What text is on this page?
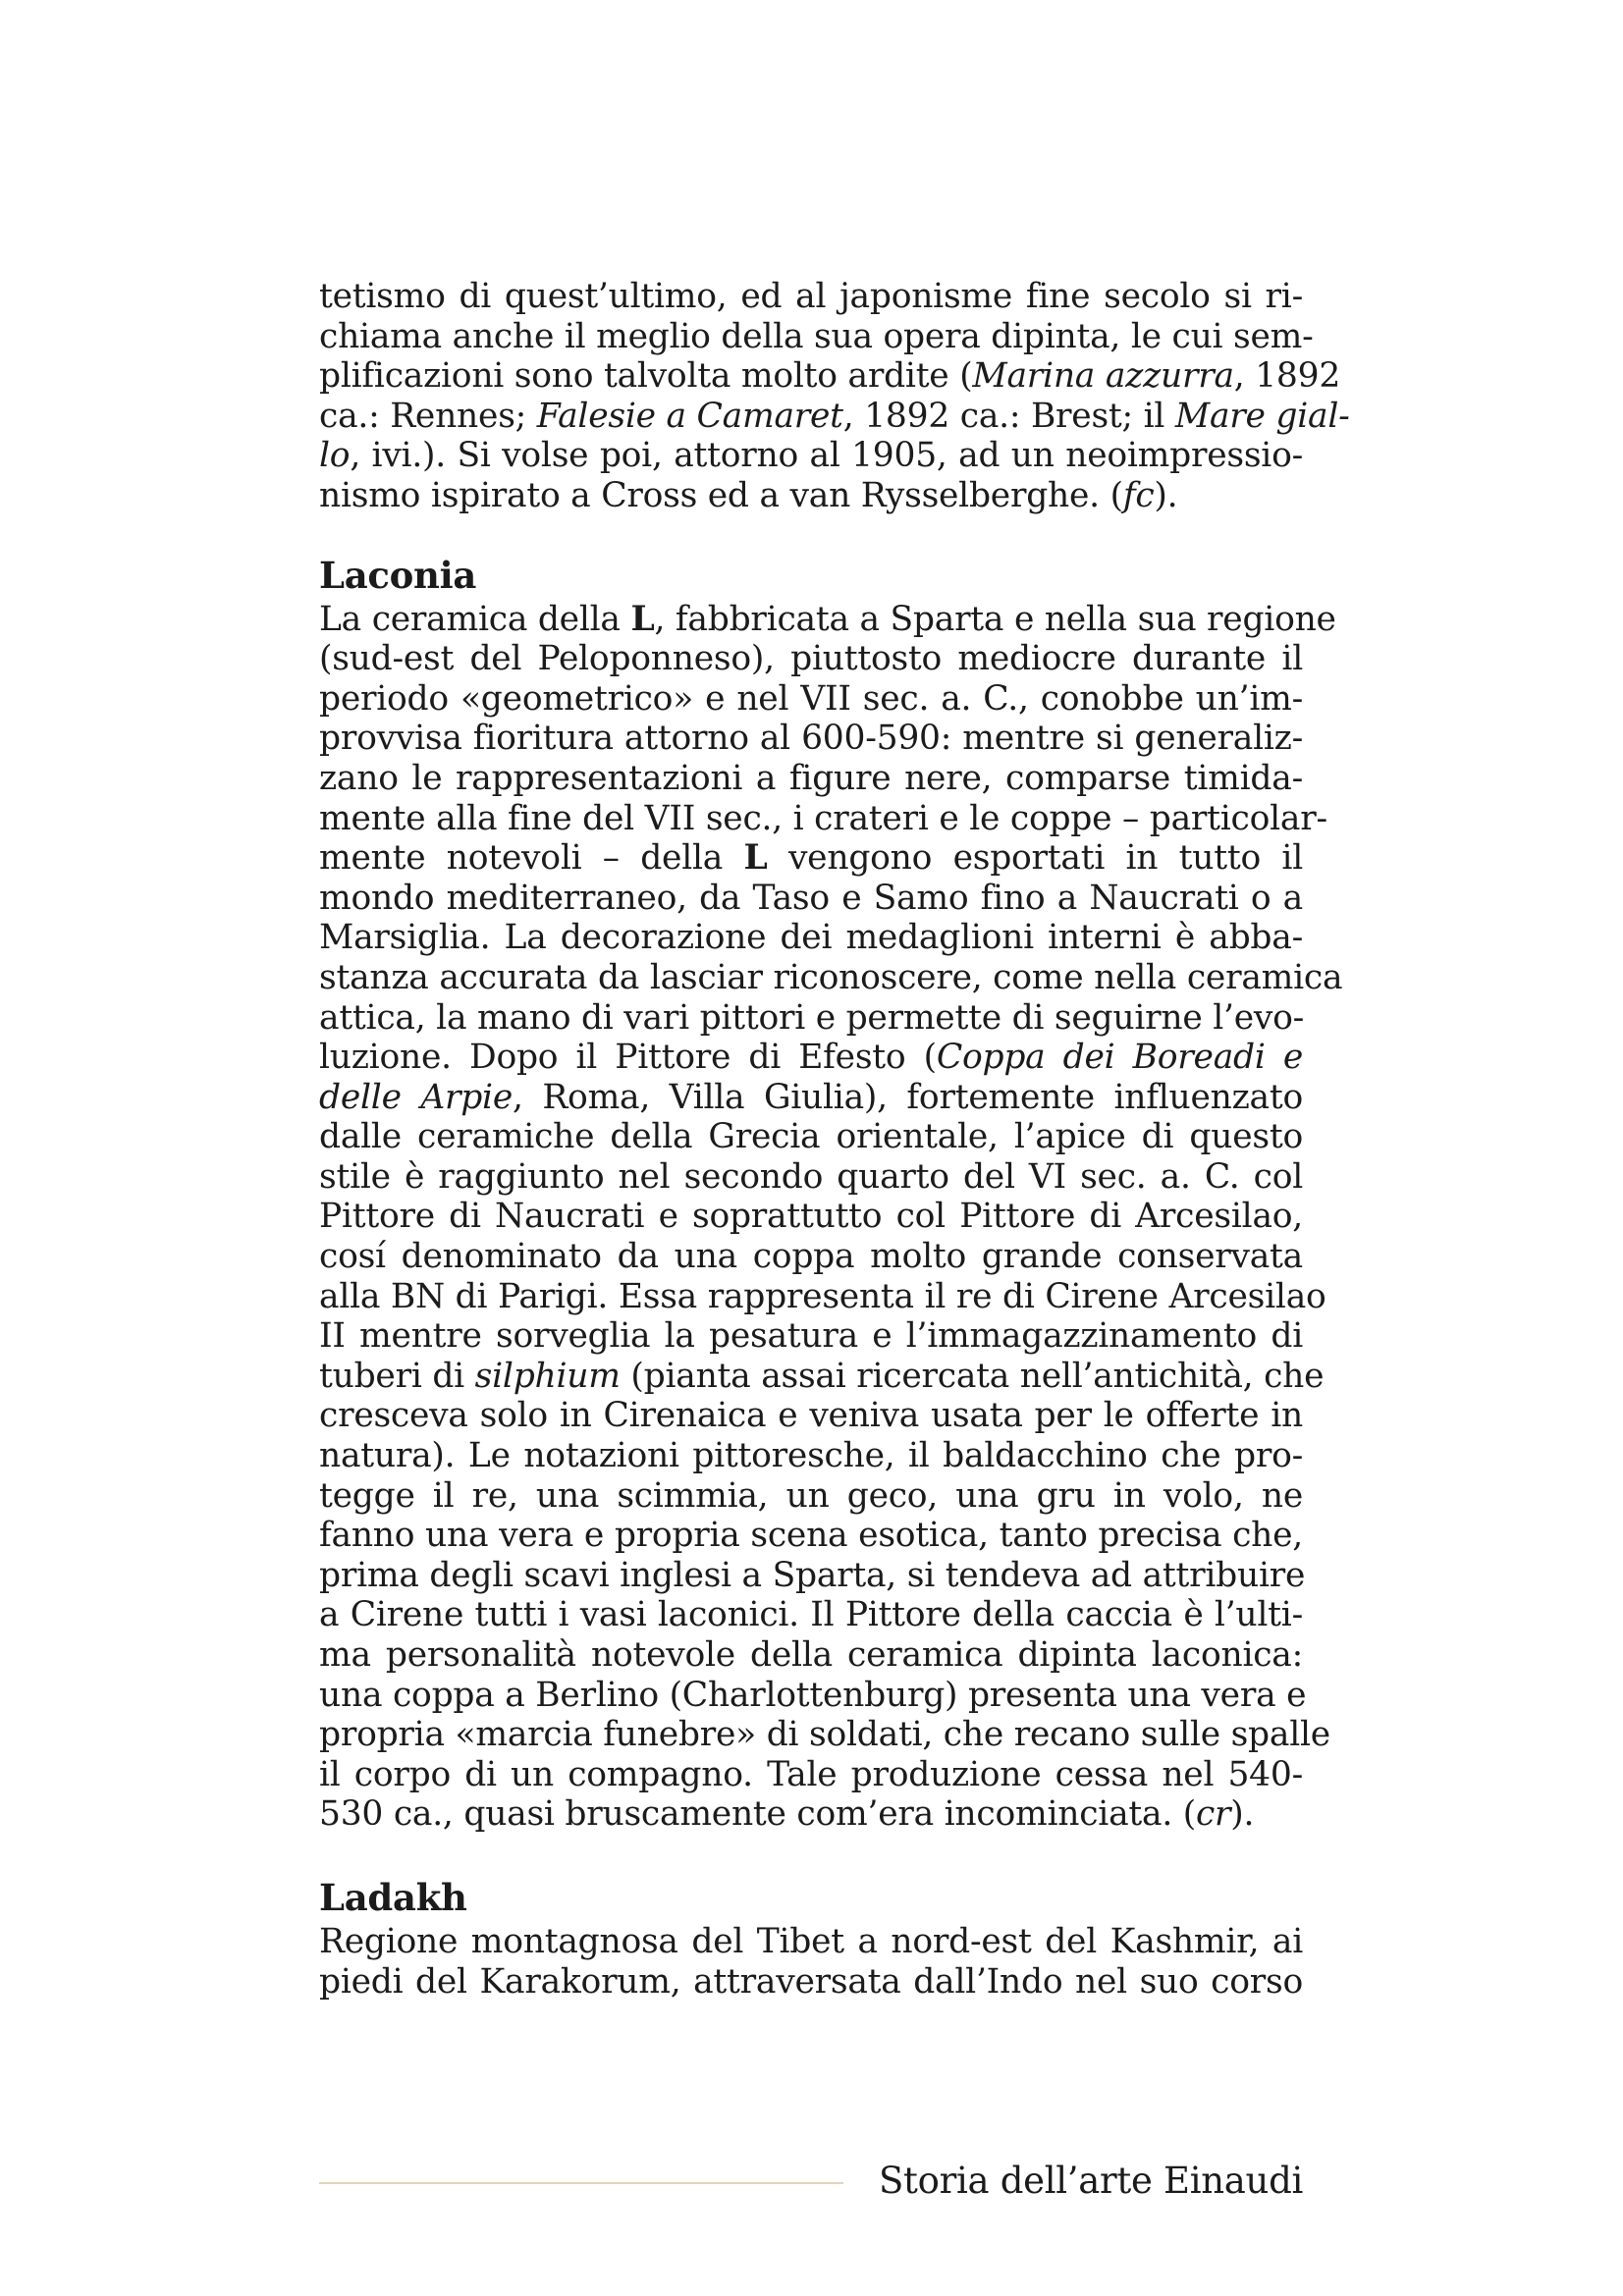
tetismo di quest’ultimo, ed al japonisme fine secolo si ri-
chiama anche il meglio della sua opera dipinta, le cui sem-
plificazioni sono talvolta molto ardite (Marina azzurra, 1892
ca.: Rennes; Falesie a Camaret, 1892 ca.: Brest; il Mare gial-
lo, ivi.). Si volse poi, attorno al 1905, ad un neoimpressio-
nismo ispirato a Cross ed a van Rysselberghe. (fc).

Laconia

La ceramica della L, fabbricata a Sparta e nella sua regione
(sud-est del Peloponneso), piuttosto mediocre durante il
periodo «geometrico» e nel VII sec. a. C., conobbe un’im-
provvisa fioritura attorno al 600-590: mentre si generaliz-
zano le rappresentazioni a figure nere, comparse timida-
mente alla fine del VII sec., i crateri e le coppe – particolar-
mente notevoli – della L vengono esportati in tutto il
mondo mediterraneo, da Taso e Samo fino a Naucrati o a
Marsiglia. La decorazione dei medaglioni interni è abba-
stanza accurata da lasciar riconoscere, come nella ceramica
attica, la mano di vari pittori e permette di seguirne l’evo-
luzione. Dopo il Pittore di Efesto (Coppa dei Boreadi e
delle Arpie, Roma, Villa Giulia), fortemente influenzato
dalle ceramiche della Grecia orientale, l’apice di questo
stile è raggiunto nel secondo quarto del VI sec. a. C. col
Pittore di Naucrati e soprattutto col Pittore di Arcesilao,
cosí denominato da una coppa molto grande conservata
alla BN di Parigi. Essa rappresenta il re di Cirene Arcesilao
II mentre sorveglia la pesatura e l’immagazzinamento di
tuberi di silphium (pianta assai ricercata nell’antichità, che
cresceva solo in Cirenaica e veniva usata per le offerte in
natura). Le notazioni pittoresche, il baldacchino che pro-
tegge il re, una scimmia, un geco, una gru in volo, ne
fanno una vera e propria scena esotica, tanto precisa che,
prima degli scavi inglesi a Sparta, si tendeva ad attribuire
a Cirene tutti i vasi laconici. Il Pittore della caccia è l’ulti-
ma personalità notevole della ceramica dipinta laconica:
una coppa a Berlino (Charlottenburg) presenta una vera e
propria «marcia funebre» di soldati, che recano sulle spalle
il corpo di un compagno. Tale produzione cessa nel 540-
530 ca., quasi bruscamente com’era incominciata. (cr).

Ladakh

Regione montagnosa del Tibet a nord-est del Kashmir, ai
piedi del Karakorum, attraversata dall’Indo nel suo corso

Storia dell’arte Einaudi
